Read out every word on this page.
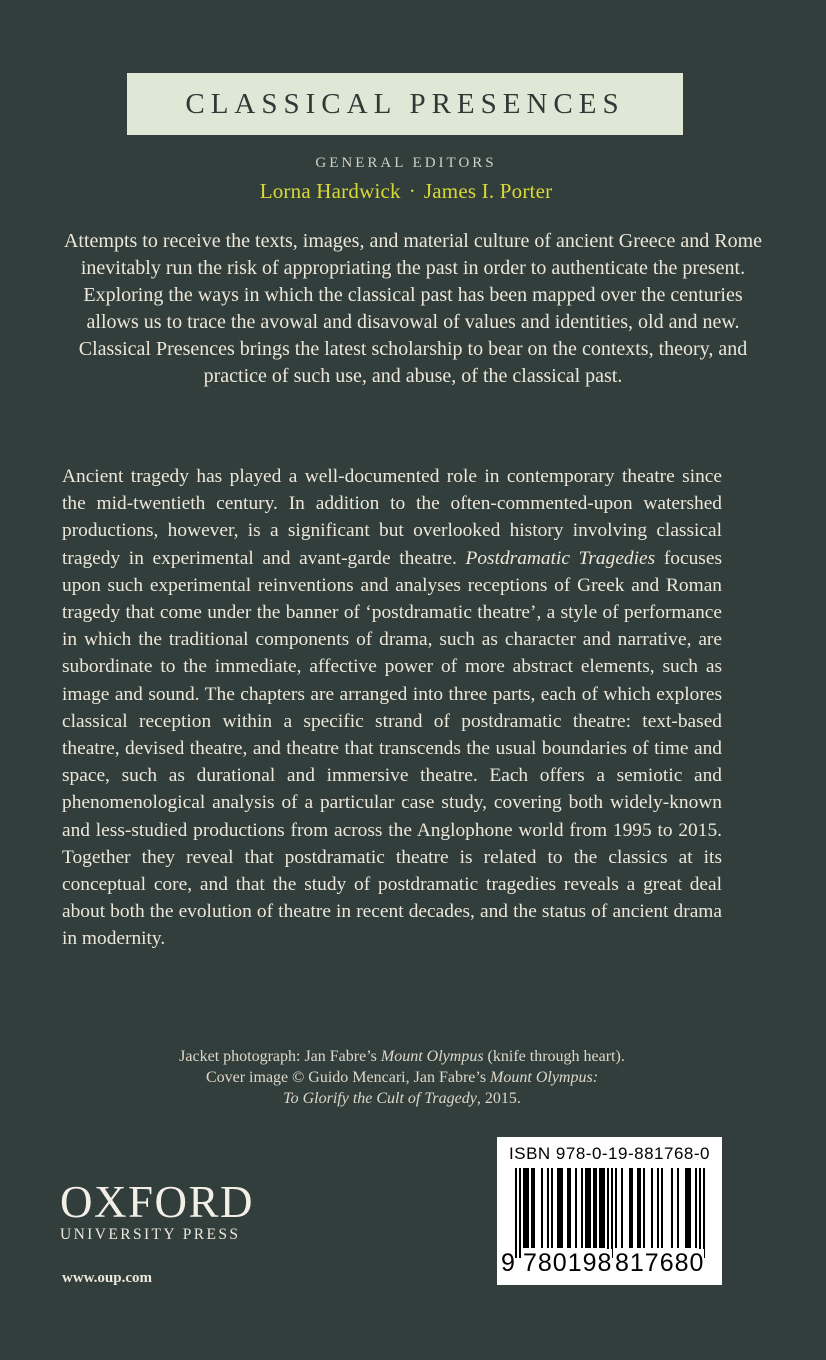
CLASSICAL PRESENCES
GENERAL EDITORS
Lorna Hardwick · James I. Porter
Attempts to receive the texts, images, and material culture of ancient Greece and Rome inevitably run the risk of appropriating the past in order to authenticate the present. Exploring the ways in which the classical past has been mapped over the centuries allows us to trace the avowal and disavowal of values and identities, old and new. Classical Presences brings the latest scholarship to bear on the contexts, theory, and practice of such use, and abuse, of the classical past.

Ancient tragedy has played a well-documented role in contemporary theatre since the mid-twentieth century. In addition to the often-commented-upon watershed productions, however, is a significant but overlooked history involving classical tragedy in experimental and avant-garde theatre. Postdramatic Tragedies focuses upon such experimental reinventions and analyses receptions of Greek and Roman tragedy that come under the banner of ‘postdramatic theatre’, a style of performance in which the traditional components of drama, such as character and narrative, are subordinate to the immediate, affective power of more abstract elements, such as image and sound. The chapters are arranged into three parts, each of which explores classical reception within a specific strand of postdramatic theatre: text-based theatre, devised theatre, and theatre that transcends the usual boundaries of time and space, such as durational and immersive theatre. Each offers a semiotic and phenomenological analysis of a particular case study, covering both widely-known and less-studied productions from across the Anglophone world from 1995 to 2015. Together they reveal that postdramatic theatre is related to the classics at its conceptual core, and that the study of postdramatic tragedies reveals a great deal about both the evolution of theatre in recent decades, and the status of ancient drama in modernity.

Jacket photograph: Jan Fabre’s Mount Olympus (knife through heart).
Cover image © Guido Mencari, Jan Fabre’s Mount Olympus:
To Glorify the Cult of Tragedy, 2015.
OXFORD
UNIVERSITY PRESS
www.oup.com
ISBN 978-0-19-881768-0
9 780198 817680
